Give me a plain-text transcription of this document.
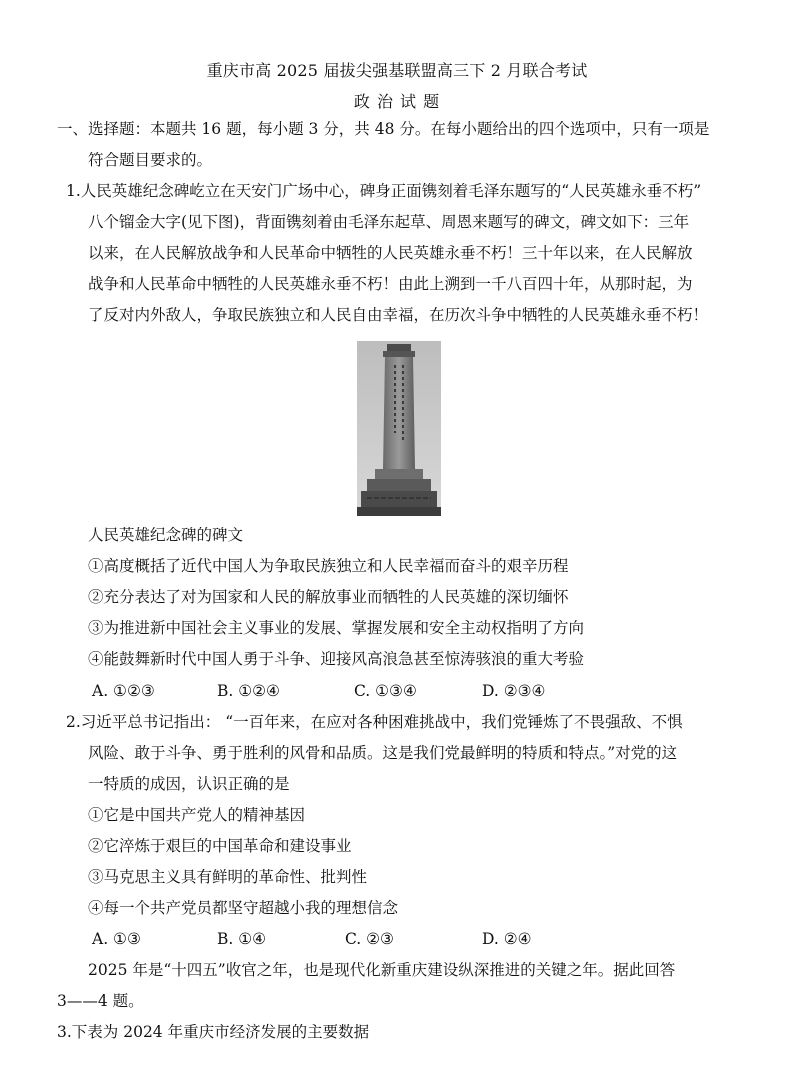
重庆市高 2025 届拔尖强基联盟高三下 2 月联合考试
政 治 试 题
一、选择题：本题共 16 题，每小题 3 分，共 48 分。在每小题给出的四个选项中，只有一项是
符合题目要求的。
1.人民英雄纪念碑屹立在天安门广场中心，碑身正面镌刻着毛泽东题写的“人民英雄永垂不朽”
八个镏金大字(见下图)，背面镌刻着由毛泽东起草、周恩来题写的碑文，碑文如下：三年
以来，在人民解放战争和人民革命中牺牲的人民英雄永垂不朽！三十年以来，在人民解放
战争和人民革命中牺牲的人民英雄永垂不朽！由此上溯到一千八百四十年，从那时起，为
了反对内外敌人，争取民族独立和人民自由幸福，在历次斗争中牺牲的人民英雄永垂不朽！
人民英雄纪念碑的碑文
①高度概括了近代中国人为争取民族独立和人民幸福而奋斗的艰辛历程
②充分表达了对为国家和人民的解放事业而牺牲的人民英雄的深切缅怀
③为推进新中国社会主义事业的发展、掌握发展和安全主动权指明了方向
④能鼓舞新时代中国人勇于斗争、迎接风高浪急甚至惊涛骇浪的重大考验
A. ①②③	B. ①②④	C. ①③④	D. ②③④
2.习近平总书记指出： “一百年来，在应对各种困难挑战中，我们党锤炼了不畏强敌、不惧
风险、敢于斗争、勇于胜利的风骨和品质。这是我们党最鲜明的特质和特点。”对党的这
一特质的成因，认识正确的是
①它是中国共产党人的精神基因
②它淬炼于艰巨的中国革命和建设事业
③马克思主义具有鲜明的革命性、批判性
④每一个共产党员都坚守超越小我的理想信念
A. ①③	B. ①④	C. ②③	D. ②④
2025 年是“十四五”收官之年，也是现代化新重庆建设纵深推进的关键之年。据此回答
3——4 题。
3.下表为 2024 年重庆市经济发展的主要数据
